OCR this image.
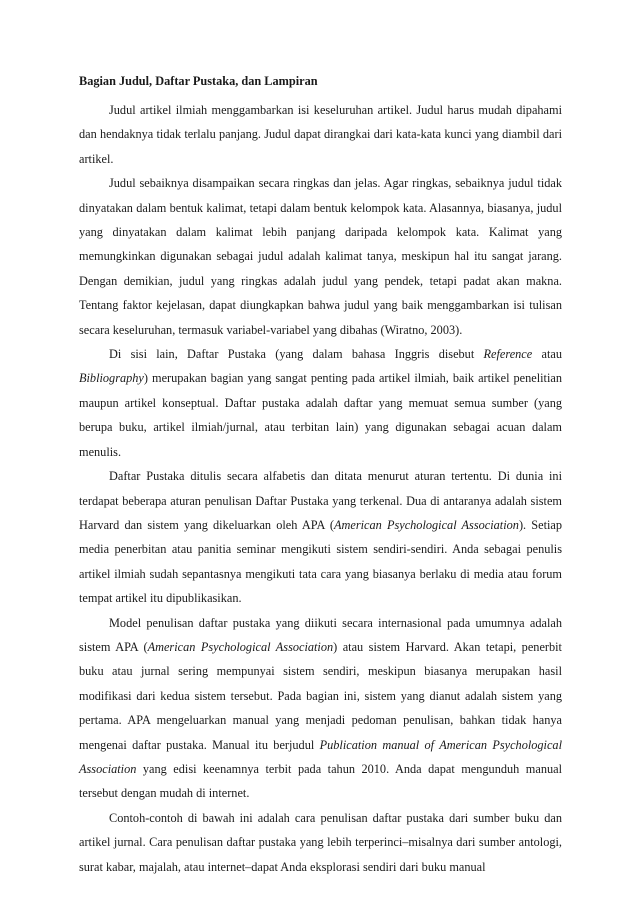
Bagian Judul, Daftar Pustaka, dan Lampiran

Judul artikel ilmiah menggambarkan isi keseluruhan artikel. Judul harus mudah dipahami dan hendaknya tidak terlalu panjang. Judul dapat dirangkai dari kata-kata kunci yang diambil dari artikel.

Judul sebaiknya disampaikan secara ringkas dan jelas. Agar ringkas, sebaiknya judul tidak dinyatakan dalam bentuk kalimat, tetapi dalam bentuk kelompok kata. Alasannya, biasanya, judul yang dinyatakan dalam kalimat lebih panjang daripada kelompok kata. Kalimat yang memungkinkan digunakan sebagai judul adalah kalimat tanya, meskipun hal itu sangat jarang. Dengan demikian, judul yang ringkas adalah judul yang pendek, tetapi padat akan makna. Tentang faktor kejelasan, dapat diungkapkan bahwa judul yang baik menggambarkan isi tulisan secara keseluruhan, termasuk variabel-variabel yang dibahas (Wiratno, 2003).

Di sisi lain, Daftar Pustaka (yang dalam bahasa Inggris disebut Reference atau Bibliography) merupakan bagian yang sangat penting pada artikel ilmiah, baik artikel penelitian maupun artikel konseptual. Daftar pustaka adalah daftar yang memuat semua sumber (yang berupa buku, artikel ilmiah/jurnal, atau terbitan lain) yang digunakan sebagai acuan dalam menulis.

Daftar Pustaka ditulis secara alfabetis dan ditata menurut aturan tertentu. Di dunia ini terdapat beberapa aturan penulisan Daftar Pustaka yang terkenal. Dua di antaranya adalah sistem Harvard dan sistem yang dikeluarkan oleh APA (American Psychological Association). Setiap media penerbitan atau panitia seminar mengikuti sistem sendiri-sendiri. Anda sebagai penulis artikel ilmiah sudah sepantasnya mengikuti tata cara yang biasanya berlaku di media atau forum tempat artikel itu dipublikasikan.

Model penulisan daftar pustaka yang diikuti secara internasional pada umumnya adalah sistem APA (American Psychological Association) atau sistem Harvard. Akan tetapi, penerbit buku atau jurnal sering mempunyai sistem sendiri, meskipun biasanya merupakan hasil modifikasi dari kedua sistem tersebut. Pada bagian ini, sistem yang dianut adalah sistem yang pertama. APA mengeluarkan manual yang menjadi pedoman penulisan, bahkan tidak hanya mengenai daftar pustaka. Manual itu berjudul Publication manual of American Psychological Association yang edisi keenamnya terbit pada tahun 2010. Anda dapat mengunduh manual tersebut dengan mudah di internet.

Contoh-contoh di bawah ini adalah cara penulisan daftar pustaka dari sumber buku dan artikel jurnal. Cara penulisan daftar pustaka yang lebih terperinci–misalnya dari sumber antologi, surat kabar, majalah, atau internet–dapat Anda eksplorasi sendiri dari buku manual
